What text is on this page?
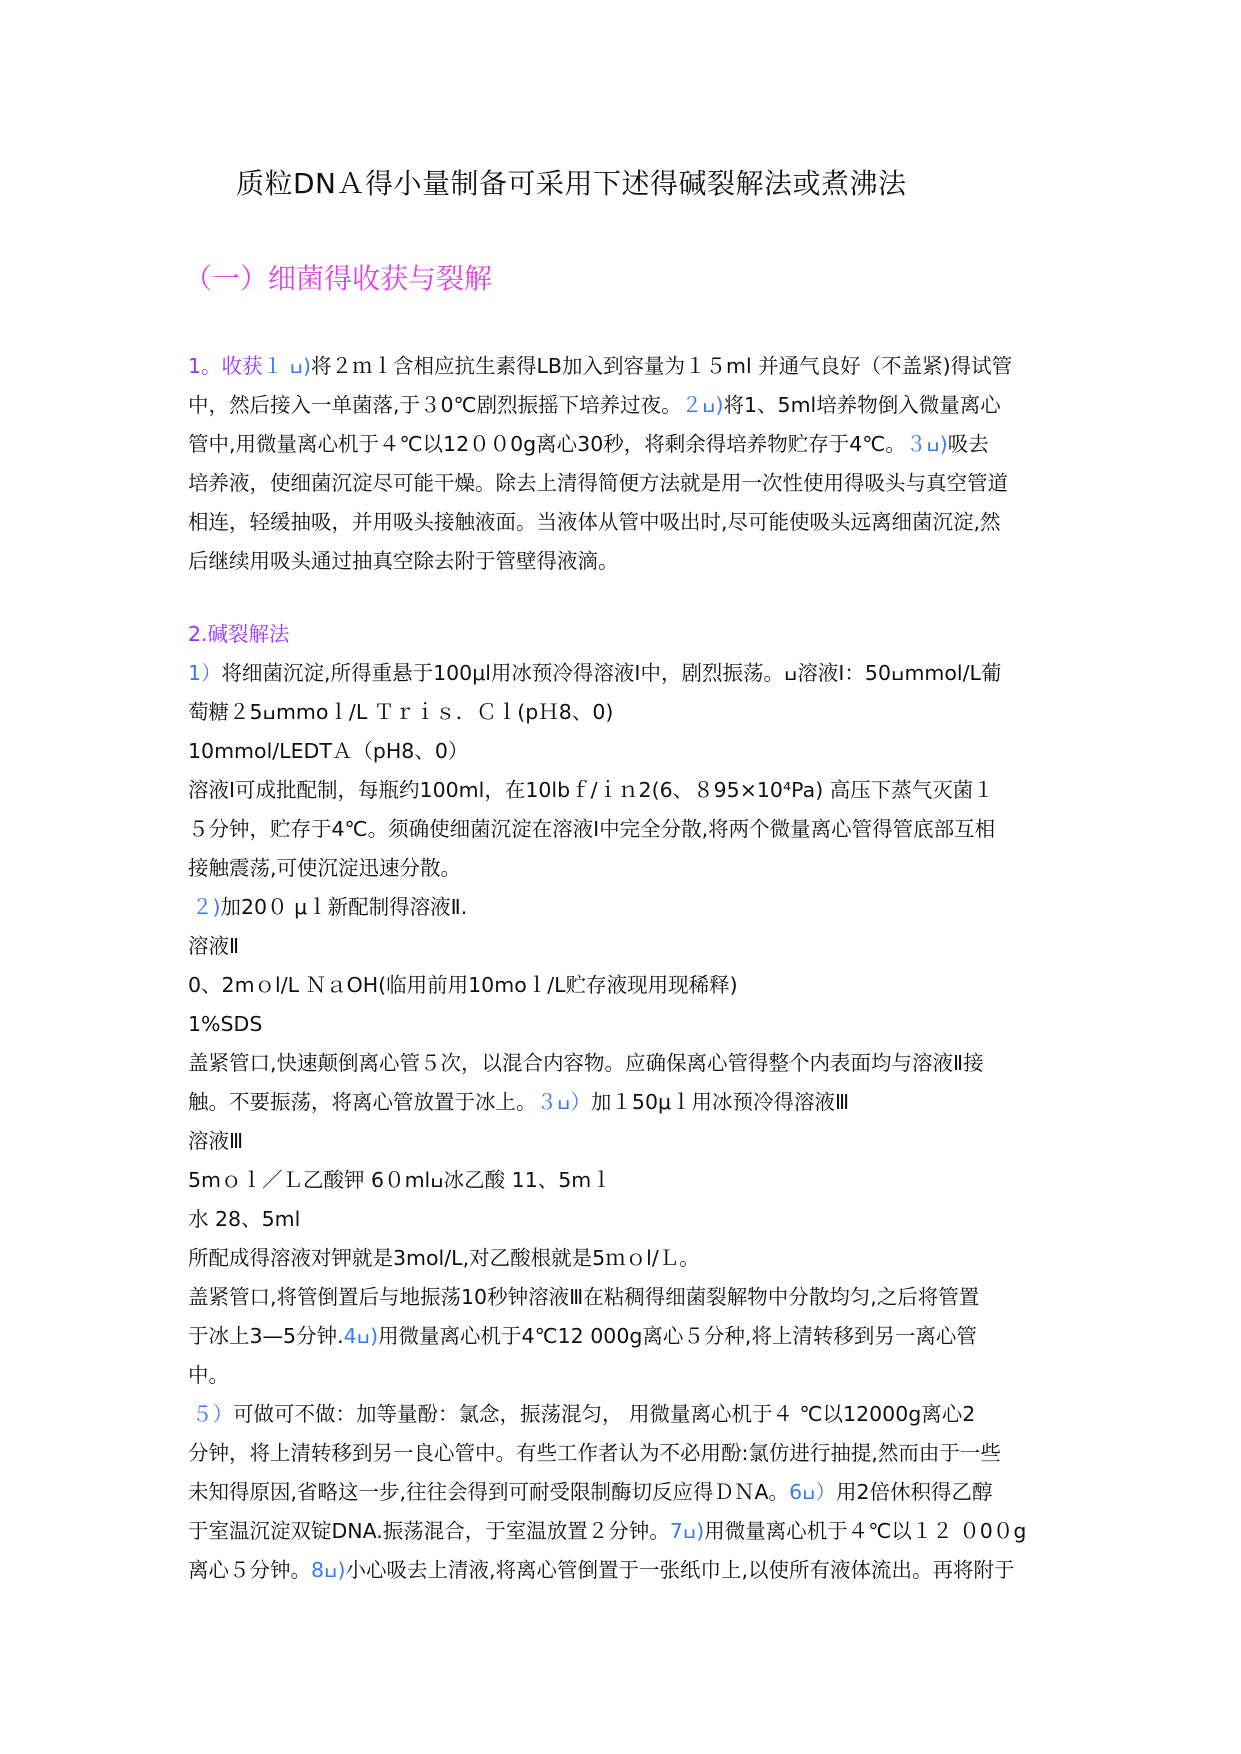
质粒DNＡ得小量制备可采用下述得碱裂解法或煮沸法
（一）细菌得收获与裂解
1。收获１ ߎ)将２ｍｌ含相应抗生素得LB加入到容量为１５ml 并通气良好（不盖紧)得试管
中，然后接入一单菌落,于３0℃剧烈振摇下培养过夜。２ߎ)将1、5ml培养物倒入微量离心
管中,用微量离心机于４℃以12００0g离心30秒，将剩余得培养物贮存于4℃。３ߎ)吸去
培养液，使细菌沉淀尽可能干燥。除去上清得简便方法就是用一次性使用得吸头与真空管道
相连，轻缓抽吸，并用吸头接触液面。当液体从管中吸出时,尽可能使吸头远离细菌沉淀,然
后继续用吸头通过抽真空除去附于管壁得液滴。
2.碱裂解法
1）将细菌沉淀,所得重悬于100μl用冰预冷得溶液Ⅰ中，剧烈振荡。ߎ溶液I：50ߎmmol/L葡
萄糖２5ߎmmoｌ/L Ｔｒｉｓ．Ｃｌ(pＨ8、0)
10mmol/LEDTＡ（pH8、0）
溶液Ⅰ可成批配制，每瓶约100ml，在10lbｆ/ｉｎ2(6、８95×10⁴Pa) 高压下蒸气灭菌１
５分钟，贮存于4℃。须确使细菌沉淀在溶液Ⅰ中完全分散,将两个微量离心管得管底部互相
接触震荡,可使沉淀迅速分散。
２)加20０ μｌ新配制得溶液Ⅱ.
溶液Ⅱ
0、2mｏl/L ＮａOH(临用前用10moｌ/L贮存液现用现稀释)
1%SDS
盖紧管口,快速颠倒离心管５次，以混合内容物。应确保离心管得整个内表面均与溶液Ⅱ接
触。不要振荡，将离心管放置于冰上。３ߎ）加１50μｌ用冰预冷得溶液Ⅲ
溶液Ⅲ
5mｏｌ／Ｌ乙酸钾 6０mlߎ冰乙酸 11、5mｌ
水 28、5ml
所配成得溶液对钾就是3mol/L,对乙酸根就是5ｍｏl/Ｌ。
盖紧管口,将管倒置后与地振荡10秒钟溶液Ⅲ在粘稠得细菌裂解物中分散均匀,之后将管置
于冰上3—5分钟.4ߎ)用微量离心机于4℃12 000g离心５分种,将上清转移到另一离心管
中。
５）可做可不做：加等量酚：氯念，振荡混匀， 用微量离心机于４ ℃以12000g离心2
分钟，将上清转移到另一良心管中。有些工作者认为不必用酚:氯仿进行抽提,然而由于一些
未知得原因,省略这一步,往往会得到可耐受限制酶切反应得ＤＮA。6ߎ）用2倍休积得乙醇
于室温沉淀双锭DNA.振荡混合，于室温放置２分钟。7ߎ)用微量离心机于４℃以１２ ０0０g
离心５分钟。8ߎ)小心吸去上清液,将离心管倒置于一张纸巾上,以使所有液体流出。再将附于
